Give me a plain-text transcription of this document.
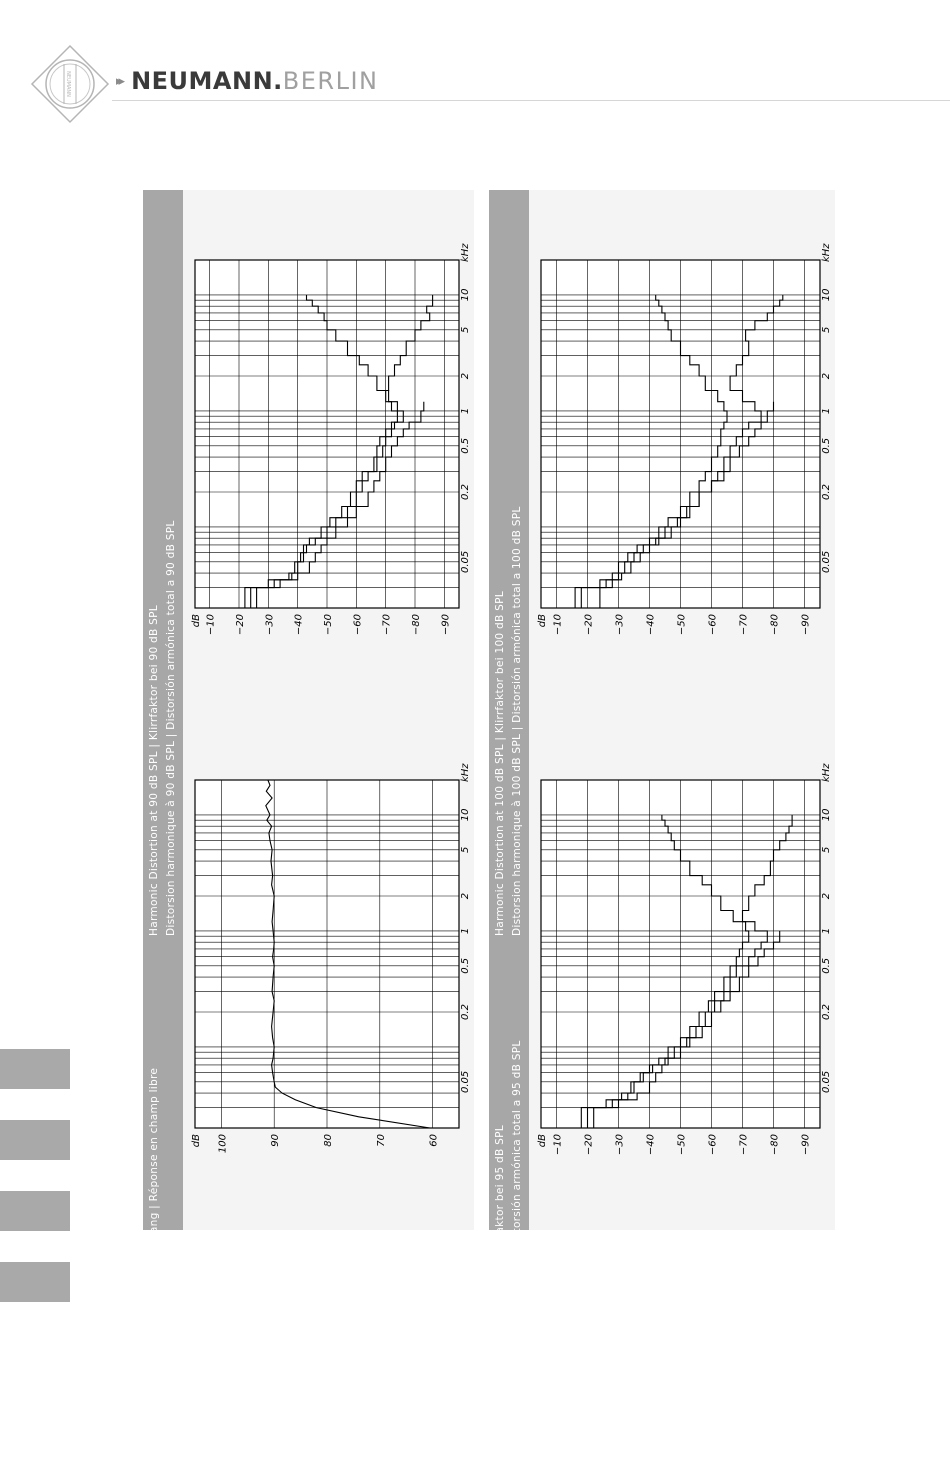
NEUMANN	▸▸ NEUMANN. BERLIN
Free-Field Response | Freifeld-Frequenzgang | Réponse en champ libre Respuesta en frecuencia en campo libre
0.05
0.2
0.5
1
2
5
10
kHz
100	90	80	70	60
dB
Harmonic Distortion at 90 dB SPL | Klirrfaktor bei 90 dB SPL Distorsion harmonique à 90 dB SPL | Distorsión armónica total a 90 dB SPL	0.05
0.2
0.5
1
2
5
10
kHz
−10 −20 −30 −40 −50 −60 −70 −80 −90
dB
Harmonic Distortion at 95 dB SPL | Klirrfaktor bei 95 dB SPL Distorsion harmonique à 95 dB SPL | Distorsión armónica total a 95 dB SPL	0.05
0.2
0.5
1
2
5
10
kHz
−10 −20 −30 −40 −50 −60 −70 −80 −90
dB
Harmonic Distortion at 100 dB SPL | Klirrfaktor bei 100 dB SPL Distorsion harmonique à 100 dB SPL | Distorsión armónica total a 100 dB SPL	0.05
0.2
0.5
1
2
5
10
kHz
−10 −20 −30 −40 −50 −60 −70 −80 −90
dB
